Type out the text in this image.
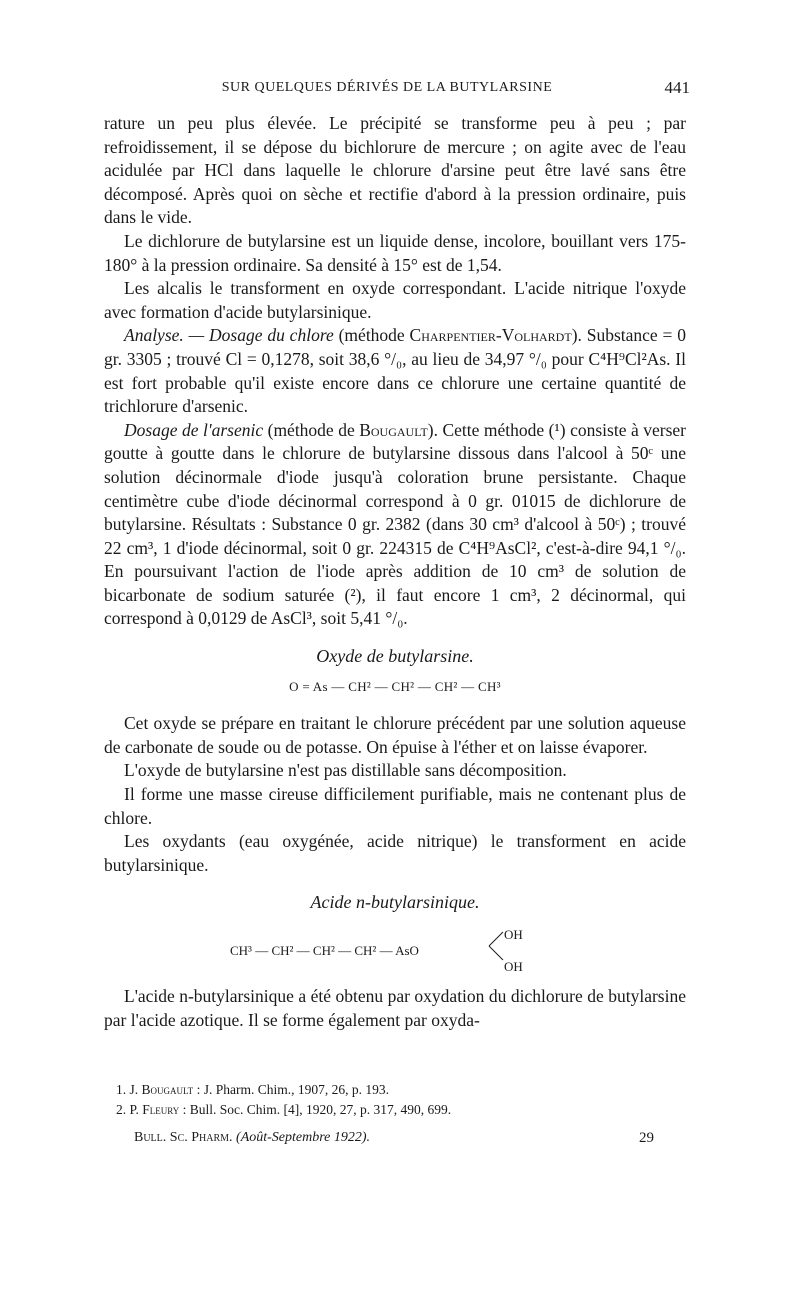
SUR QUELQUES DÉRIVÉS DE LA BUTYLARSINE	441

rature un peu plus élevée. Le précipité se transforme peu à peu ; par refroidissement, il se dépose du bichlorure de mercure ; on agite avec de l'eau acidulée par HCl dans laquelle le chlorure d'arsine peut être lavé sans être décomposé. Après quoi on sèche et rectifie d'abord à la pression ordinaire, puis dans le vide.

Le dichlorure de butylarsine est un liquide dense, incolore, bouillant vers 175-180° à la pression ordinaire. Sa densité à 15° est de 1,54.

Les alcalis le transforment en oxyde correspondant. L'acide nitrique l'oxyde avec formation d'acide butylarsinique.

Analyse. — Dosage du chlore (méthode Charpentier-Volhardt). Substance = 0 gr. 3305 ; trouvé Cl = 0,1278, soit 38,6 °/₀, au lieu de 34,97 °/₀ pour C⁴H⁹Cl²As. Il est fort probable qu'il existe encore dans ce chlorure une certaine quantité de trichlorure d'arsenic.

Dosage de l'arsenic (méthode de Bougault). Cette méthode (¹) consiste à verser goutte à goutte dans le chlorure de butylarsine dissous dans l'alcool à 50ᶜ une solution décinormale d'iode jusqu'à coloration brune persistante. Chaque centimètre cube d'iode décinormal correspond à 0 gr. 01015 de dichlorure de butylarsine. Résultats : Substance 0 gr. 2382 (dans 30 cm³ d'alcool à 50ᶜ) ; trouvé 22 cm³, 1 d'iode décinormal, soit 0 gr. 224315 de C⁴H⁹AsCl², c'est-à-dire 94,1 °/₀. En poursuivant l'action de l'iode après addition de 10 cm³ de solution de bicarbonate de sodium saturée (²), il faut encore 1 cm³, 2 décinormal, qui correspond à 0,0129 de AsCl³, soit 5,41 °/₀.

Oxyde de butylarsine.

O = As — CH² — CH² — CH² — CH³

Cet oxyde se prépare en traitant le chlorure précédent par une solution aqueuse de carbonate de soude ou de potasse. On épuise à l'éther et on laisse évaporer.

L'oxyde de butylarsine n'est pas distillable sans décomposition.

Il forme une masse cireuse difficilement purifiable, mais ne contenant plus de chlore.

Les oxydants (eau oxygénée, acide nitrique) le transforment en acide butylarsinique.

Acide n-butylarsinique.

CH³ — CH² — CH² — CH² — AsO
OH
OH

L'acide n-butylarsinique a été obtenu par oxydation du dichlorure de butylarsine par l'acide azotique. Il se forme également par oxyda-

1. J. Bougault : J. Pharm. Chim., 1907, 26, p. 193.
2. P. Fleury : Bull. Soc. Chim. [4], 1920, 27, p. 317, 490, 699.
Bull. Sc. Pharm. (Août-Septembre 1922).	29
